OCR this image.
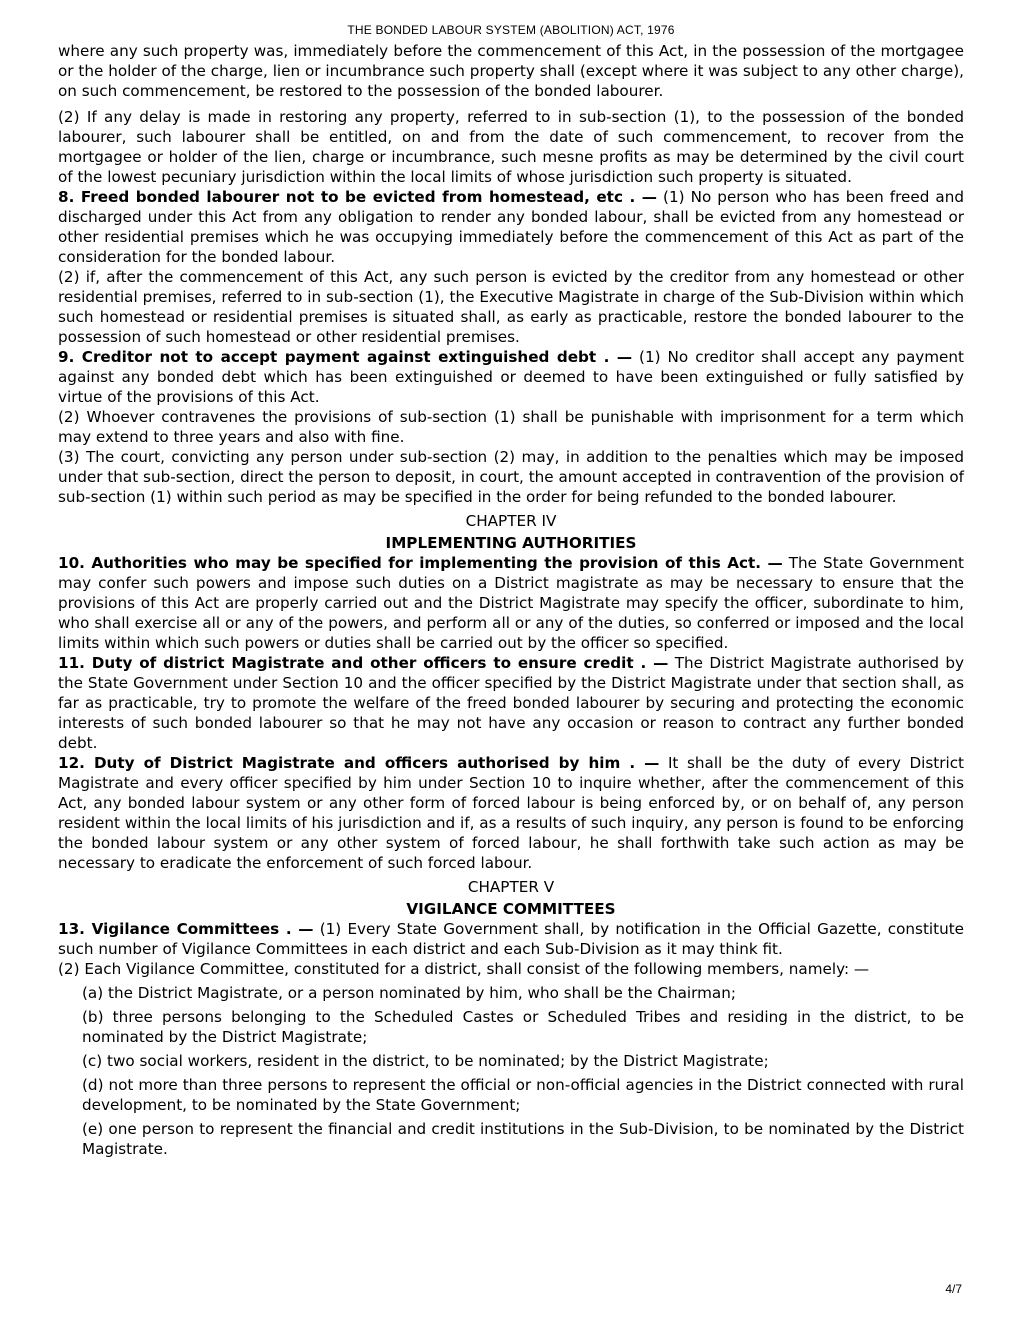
THE BONDED LABOUR SYSTEM (ABOLITION) ACT, 1976

where any such property was, immediately before the commencement of this Act, in the possession of the mortgagee or the holder of the charge, lien or incumbrance such property shall (except where it was subject to any other charge), on such commencement, be restored to the possession of the bonded labourer.

(2) If any delay is made in restoring any property, referred to in sub-section (1), to the possession of the bonded labourer, such labourer shall be entitled, on and from the date of such commencement, to recover from the mortgagee or holder of the lien, charge or incumbrance, such mesne profits as may be determined by the civil court of the lowest pecuniary jurisdiction within the local limits of whose jurisdiction such property is situated.

8. Freed bonded labourer not to be evicted from homestead, etc . — (1) No person who has been freed and discharged under this Act from any obligation to render any bonded labour, shall be evicted from any homestead or other residential premises which he was occupying immediately before the commencement of this Act as part of the consideration for the bonded labour.

(2) if, after the commencement of this Act, any such person is evicted by the creditor from any homestead or other residential premises, referred to in sub-section (1), the Executive Magistrate in charge of the Sub-Division within which such homestead or residential premises is situated shall, as early as practicable, restore the bonded labourer to the possession of such homestead or other residential premises.

9. Creditor not to accept payment against extinguished debt . — (1) No creditor shall accept any payment against any bonded debt which has been extinguished or deemed to have been extinguished or fully satisfied by virtue of the provisions of this Act.

(2) Whoever contravenes the provisions of sub-section (1) shall be punishable with imprisonment for a term which may extend to three years and also with fine.

(3) The court, convicting any person under sub-section (2) may, in addition to the penalties which may be imposed under that sub-section, direct the person to deposit, in court, the amount accepted in contravention of the provision of sub-section (1) within such period as may be specified in the order for being refunded to the bonded labourer.

CHAPTER IV
IMPLEMENTING AUTHORITIES

10. Authorities who may be specified for implementing the provision of this Act. — The State Government may confer such powers and impose such duties on a District magistrate as may be necessary to ensure that the provisions of this Act are properly carried out and the District Magistrate may specify the officer, subordinate to him, who shall exercise all or any of the powers, and perform all or any of the duties, so conferred or imposed and the local limits within which such powers or duties shall be carried out by the officer so specified.

11. Duty of district Magistrate and other officers to ensure credit . — The District Magistrate authorised by the State Government under Section 10 and the officer specified by the District Magistrate under that section shall, as far as practicable, try to promote the welfare of the freed bonded labourer by securing and protecting the economic interests of such bonded labourer so that he may not have any occasion or reason to contract any further bonded debt.

12. Duty of District Magistrate and officers authorised by him . — It shall be the duty of every District Magistrate and every officer specified by him under Section 10 to inquire whether, after the commencement of this Act, any bonded labour system or any other form of forced labour is being enforced by, or on behalf of, any person resident within the local limits of his jurisdiction and if, as a results of such inquiry, any person is found to be enforcing the bonded labour system or any other system of forced labour, he shall forthwith take such action as may be necessary to eradicate the enforcement of such forced labour.

CHAPTER V
VIGILANCE COMMITTEES

13. Vigilance Committees . — (1) Every State Government shall, by notification in the Official Gazette, constitute such number of Vigilance Committees in each district and each Sub-Division as it may think fit.

(2) Each Vigilance Committee, constituted for a district, shall consist of the following members, namely: —

(a) the District Magistrate, or a person nominated by him, who shall be the Chairman;

(b) three persons belonging to the Scheduled Castes or Scheduled Tribes and residing in the district, to be nominated by the District Magistrate;

(c) two social workers, resident in the district, to be nominated; by the District Magistrate;

(d) not more than three persons to represent the official or non-official agencies in the District connected with rural development, to be nominated by the State Government;

(e) one person to represent the financial and credit institutions in the Sub-Division, to be nominated by the District Magistrate.

4/7
